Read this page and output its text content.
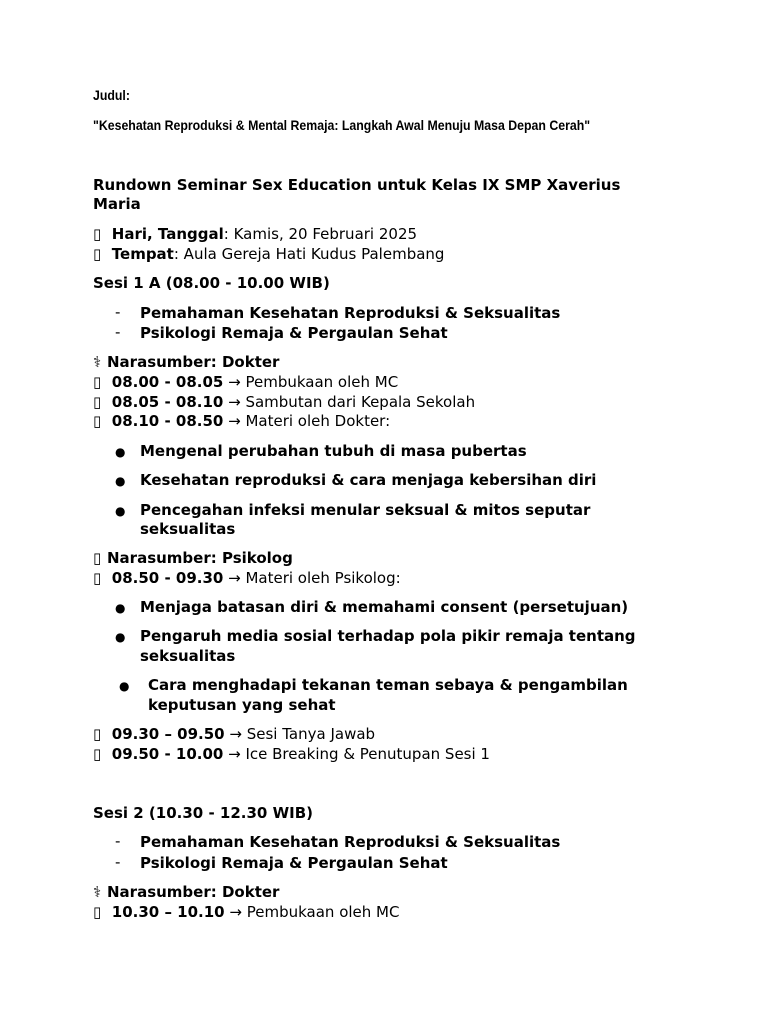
Judul:
"Kesehatan Reproduksi & Mental Remaja: Langkah Awal Menuju Masa Depan Cerah"
Rundown Seminar Sex Education untuk Kelas IX SMP Xaverius
Maria
▯ Hari, Tanggal: Kamis, 20 Februari 2025
▯ Tempat: Aula Gereja Hati Kudus Palembang
Sesi 1 A (08.00 - 10.00 WIB)
- Pemahaman Kesehatan Reproduksi & Seksualitas
- Psikologi Remaja & Pergaulan Sehat
⚕ Narasumber: Dokter
▯ 08.00 - 08.05 → Pembukaan oleh MC
▯ 08.05 - 08.10 → Sambutan dari Kepala Sekolah
▯ 08.10 - 08.50 → Materi oleh Dokter:
● Mengenal perubahan tubuh di masa pubertas
● Kesehatan reproduksi & cara menjaga kebersihan diri
● Pencegahan infeksi menular seksual & mitos seputar
seksualitas
▯ Narasumber: Psikolog
▯ 08.50 - 09.30 → Materi oleh Psikolog:
● Menjaga batasan diri & memahami consent (persetujuan)
● Pengaruh media sosial terhadap pola pikir remaja tentang
seksualitas
● Cara menghadapi tekanan teman sebaya & pengambilan
keputusan yang sehat
▯ 09.30 – 09.50 → Sesi Tanya Jawab
▯ 09.50 - 10.00 → Ice Breaking & Penutupan Sesi 1
Sesi 2 (10.30 - 12.30 WIB)
- Pemahaman Kesehatan Reproduksi & Seksualitas
- Psikologi Remaja & Pergaulan Sehat
⚕ Narasumber: Dokter
▯ 10.30 – 10.10 → Pembukaan oleh MC
